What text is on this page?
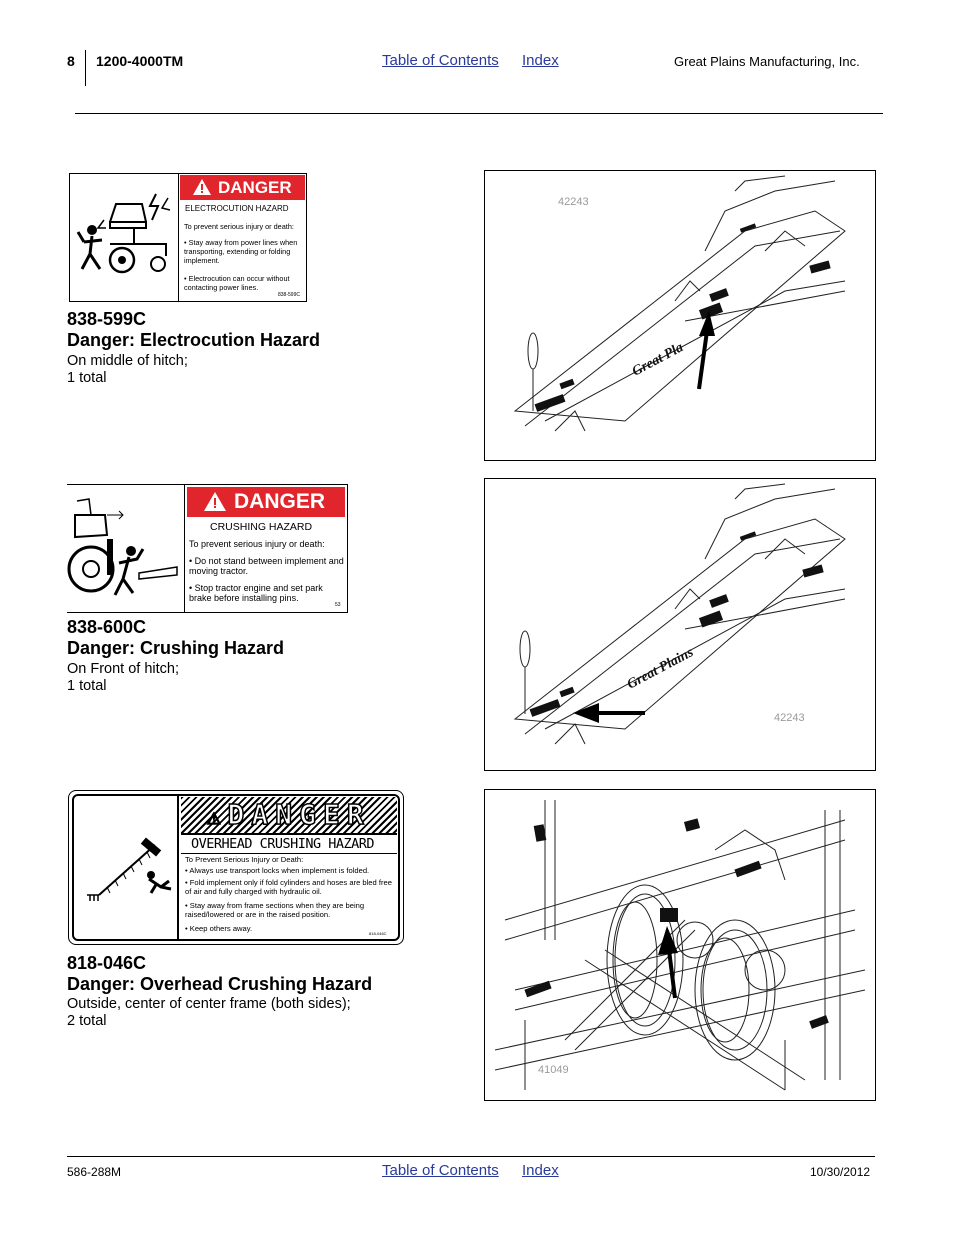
8 1200-4000TM	Table of Contents Index	Great Plains Manufacturing, Inc.
DANGER
ELECTROCUTION HAZARD
To prevent serious injury or death:
• Stay away from power lines when transporting, extending or folding implement.
• Electrocution can occur without contacting power lines.
838-599C
838-599C
Danger: Electrocution Hazard
On middle of hitch;
1 total	Great Pla
42243
DANGER
CRUSHING HAZARD
To prevent serious injury or death:
• Do not stand between implement and moving tractor.
• Stop tractor engine and set park brake before installing pins.
53
838-600C
Danger: Crushing Hazard
On Front of hitch;
1 total	Great Plains
42243
⚠DANGER
OVERHEAD CRUSHING HAZARD
To Prevent Serious Injury or Death:
• Always use transport locks when implement is folded.
• Fold implement only if fold cylinders and hoses are bled free of air and fully charged with hydraulic oil.
• Stay away from frame sections when they are being raised/lowered or are in the raised position.
• Keep others away.
818-046C
818-046C
Danger: Overhead Crushing Hazard
Outside, center of center frame (both sides);
2 total
41049
586-288M	Table of Contents Index	10/30/2012
